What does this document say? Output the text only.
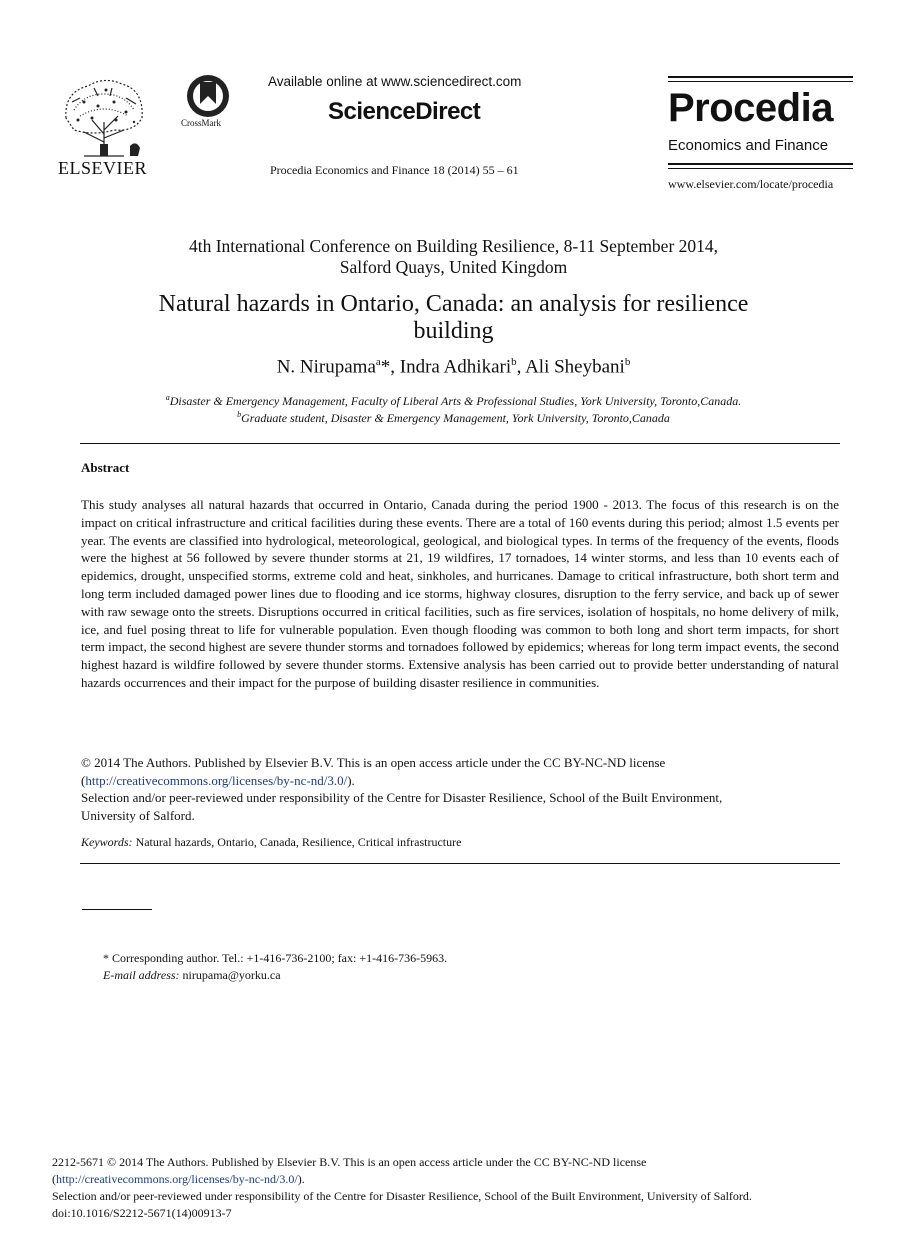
ELSEVIER
CrossMark
Available online at www.sciencedirect.com
ScienceDirect
Procedia Economics and Finance 18 (2014) 55 – 61
Procedia
Economics and Finance
www.elsevier.com/locate/procedia
4th International Conference on Building Resilience, 8-11 September 2014,
Salford Quays, United Kingdom
Natural hazards in Ontario, Canada: an analysis for resilience
building
N. Nirupama$^a$*, Indra Adhikari$^b$, Ali Sheybani$^b$
$^a$Disaster & Emergency Management, Faculty of Liberal Arts & Professional Studies, York University, Toronto,Canada.
$^b$Graduate student, Disaster & Emergency Management, York University, Toronto,Canada
Abstract
This study analyses all natural hazards that occurred in Ontario, Canada during the period 1900 - 2013. The focus of this research is on the impact on critical infrastructure and critical facilities during these events. There are a total of 160 events during this period; almost 1.5 events per year. The events are classified into hydrological, meteorological, geological, and biological types. In terms of the frequency of the events, floods were the highest at 56 followed by severe thunder storms at 21, 19 wildfires, 17 tornadoes, 14 winter storms, and less than 10 events each of epidemics, drought, unspecified storms, extreme cold and heat, sinkholes, and hurricanes. Damage to critical infrastructure, both short term and long term included damaged power lines due to flooding and ice storms, highway closures, disruption to the ferry service, and back up of sewer with raw sewage onto the streets. Disruptions occurred in critical facilities, such as fire services, isolation of hospitals, no home delivery of milk, ice, and fuel posing threat to life for vulnerable population. Even though flooding was common to both long and short term impacts, for short term impact, the second highest are severe thunder storms and tornadoes followed by epidemics; whereas for long term impact events, the second highest hazard is wildfire followed by severe thunder storms. Extensive analysis has been carried out to provide better understanding of natural hazards occurrences and their impact for the purpose of building disaster resilience in communities.
© 2014 The Authors. Published by Elsevier B.V. This is an open access article under the CC BY-NC-ND license
(http://creativecommons.org/licenses/by-nc-nd/3.0/).
Selection and/or peer-reviewed under responsibility of the Centre for Disaster Resilience, School of the Built Environment,
University of Salford.
Keywords: Natural hazards, Ontario, Canada, Resilience, Critical infrastructure
* Corresponding author. Tel.: +1-416-736-2100; fax: +1-416-736-5963.
E-mail address: nirupama@yorku.ca
2212-5671 © 2014 The Authors. Published by Elsevier B.V. This is an open access article under the CC BY-NC-ND license
(http://creativecommons.org/licenses/by-nc-nd/3.0/).
Selection and/or peer-reviewed under responsibility of the Centre for Disaster Resilience, School of the Built Environment, University of Salford.
doi:10.1016/S2212-5671(14)00913-7
